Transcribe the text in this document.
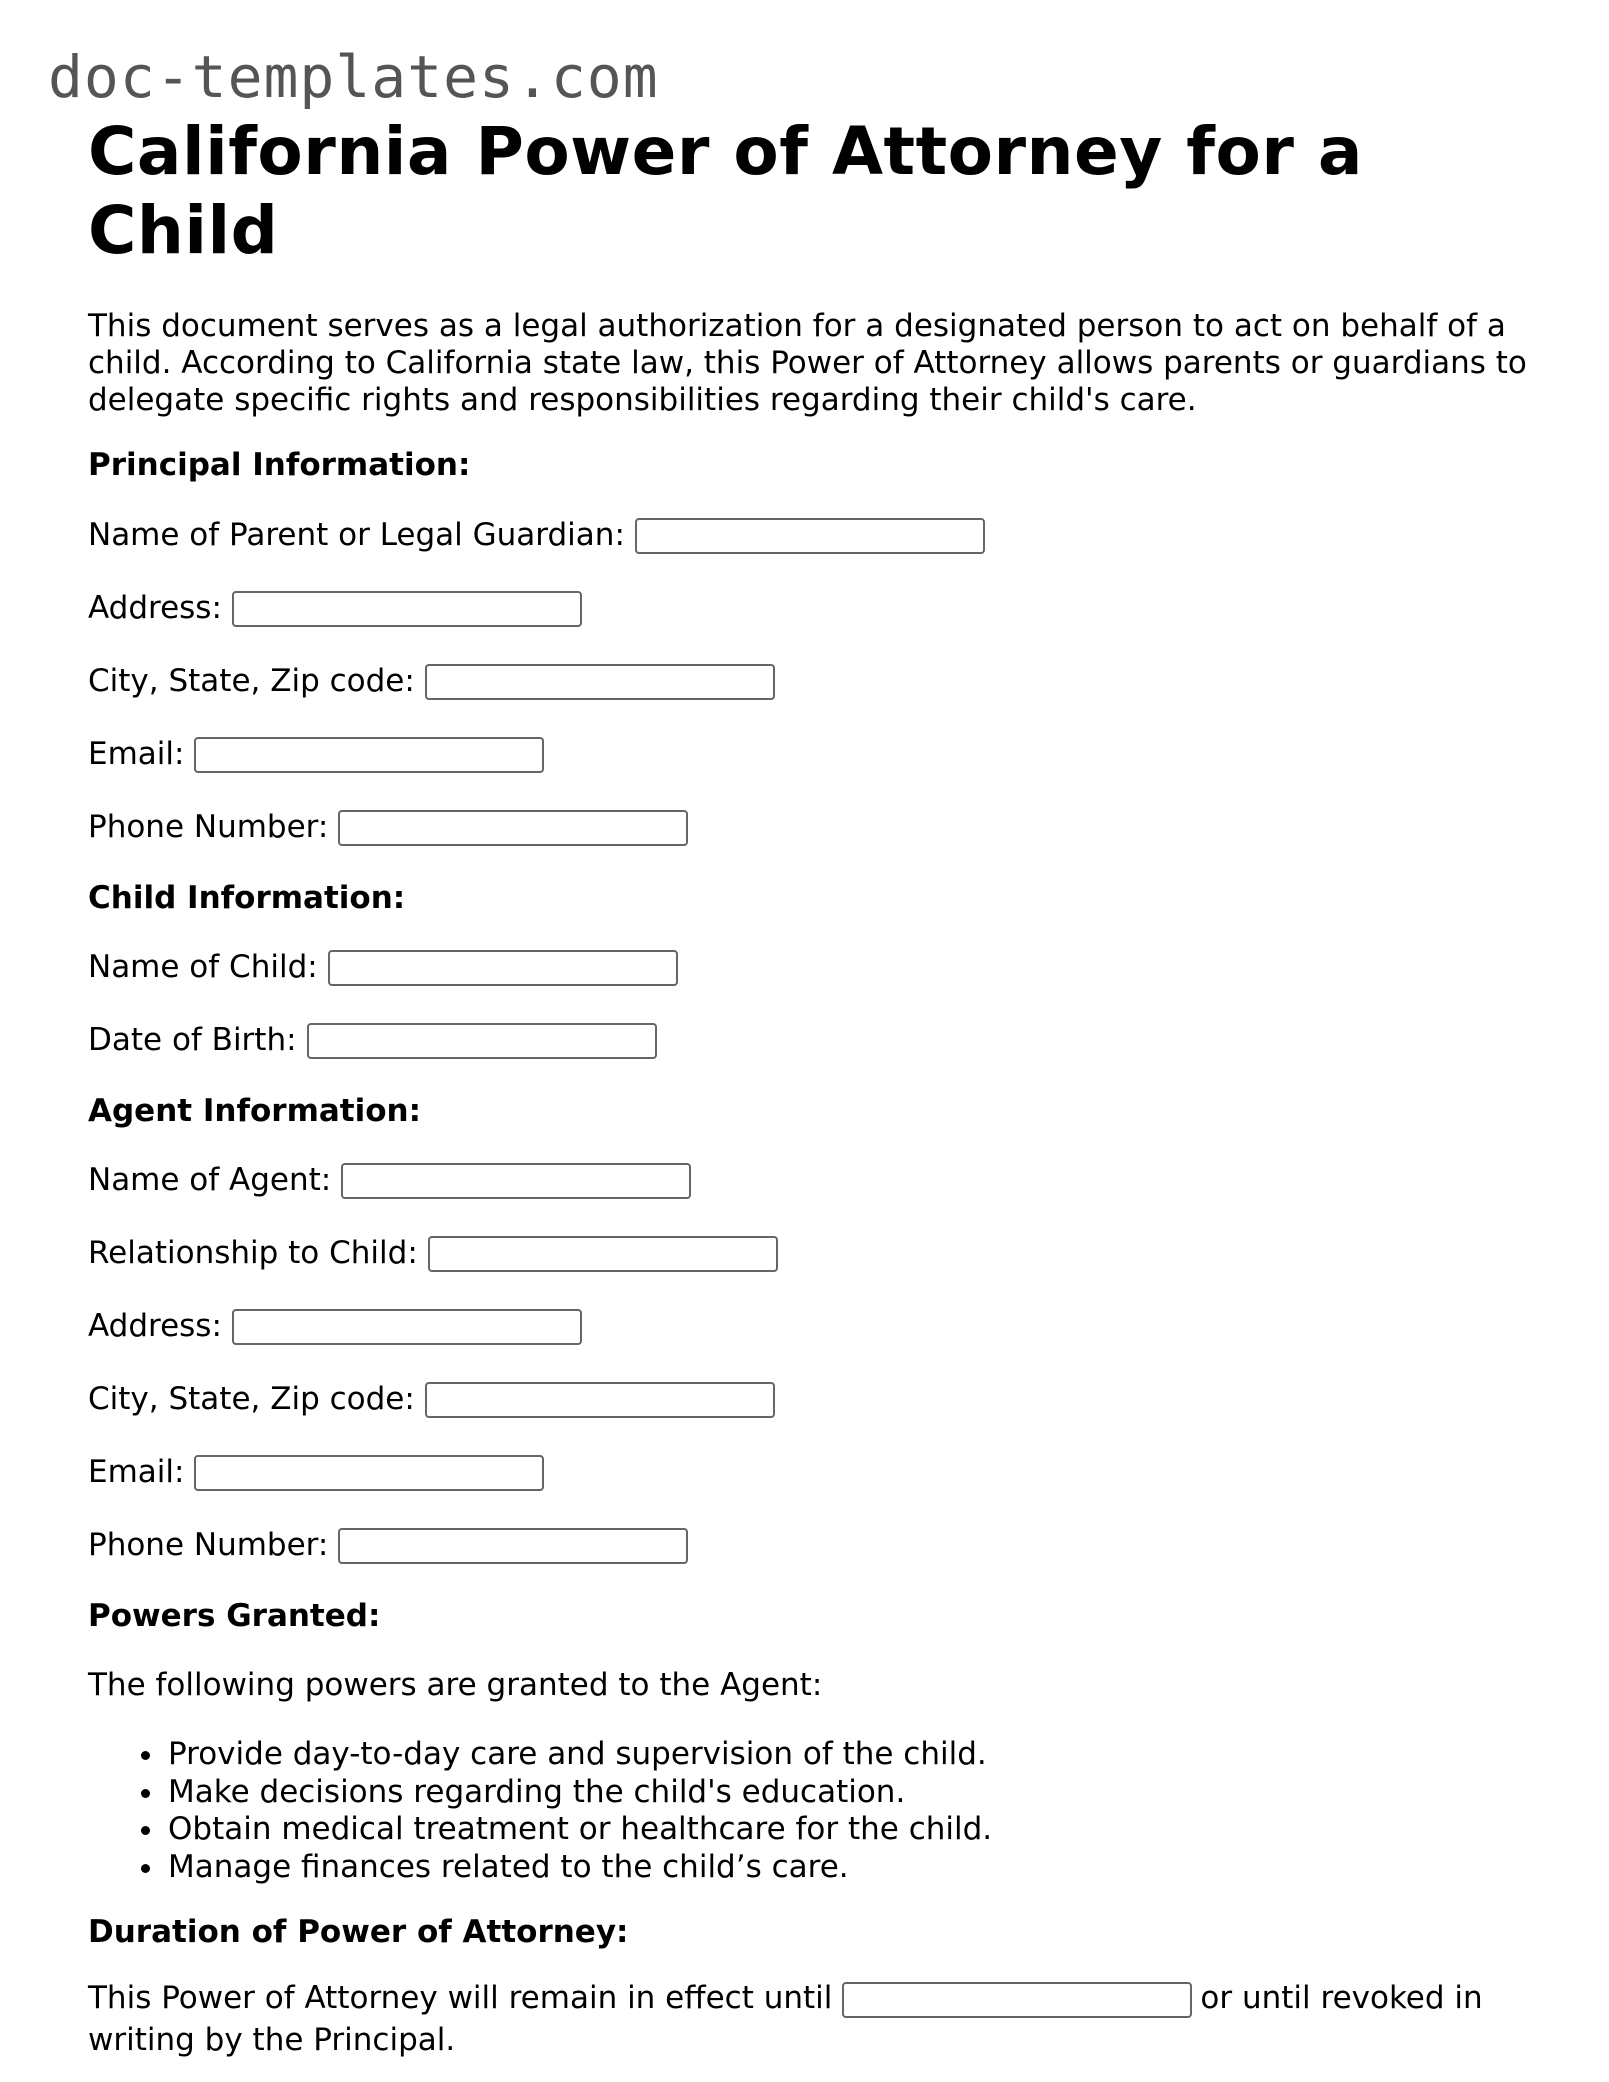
doc-templates.com
California Power of Attorney for a Child

This document serves as a legal authorization for a designated person to act on behalf of a child. According to California state law, this Power of Attorney allows parents or guardians to delegate specific rights and responsibilities regarding their child's care.

Principal Information:
Name of Parent or Legal Guardian:
Address:
City, State, Zip code:
Email:
Phone Number:
Child Information:
Name of Child:
Date of Birth:
Agent Information:
Name of Agent:
Relationship to Child:
Address:
City, State, Zip code:
Email:
Phone Number:
Powers Granted:

The following powers are granted to the Agent:

• Provide day-to-day care and supervision of the child.
• Make decisions regarding the child's education.
• Obtain medical treatment or healthcare for the child.
• Manage finances related to the child’s care.
Duration of Power of Attorney:

This Power of Attorney will remain in effect until	or until revoked in writing by the Principal.
